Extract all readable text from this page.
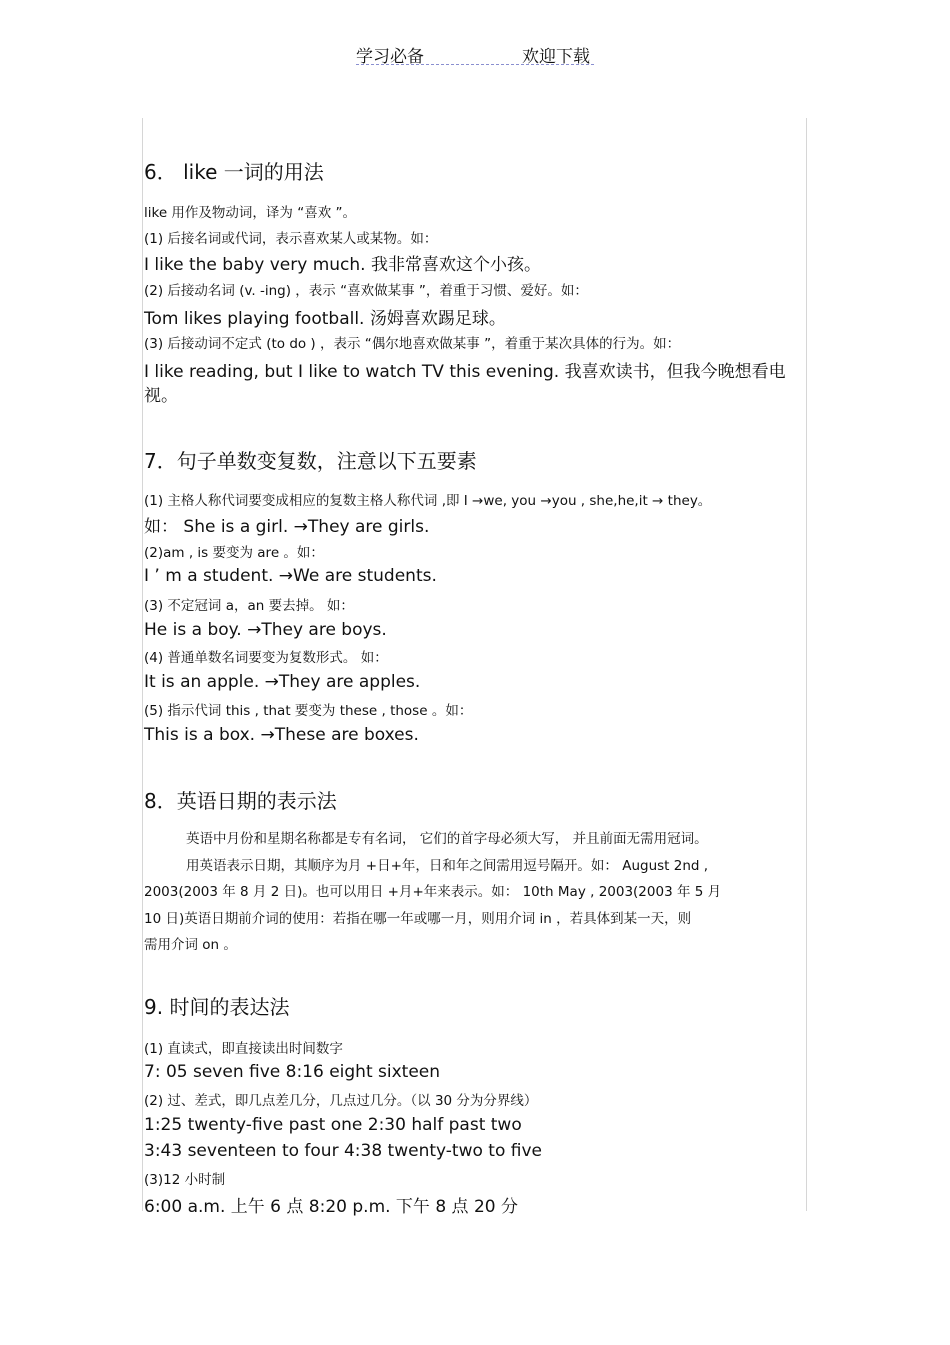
学习必备	欢迎下载
6． like 一词的用法
like 用作及物动词，译为 “喜欢 ”。
(1) 后接名词或代词，表示喜欢某人或某物。如：
I like the baby very much. 我非常喜欢这个小孩。
(2) 后接动名词 (v. -ing) ，表示 “喜欢做某事 ”，着重于习惯、爱好。如：
Tom likes playing football. 汤姆喜欢踢足球。
(3) 后接动词不定式 (to do ) ，表示 “偶尔地喜欢做某事 ”，着重于某次具体的行为。如：
I like reading, but I like to watch TV this evening. 我喜欢读书，但我今晚想看电
视。
7．句子单数变复数，注意以下五要素
(1) 主格人称代词要变成相应的复数主格人称代词 ,即 I →we, you →you , she,he,it → they。
如： She is a girl. →They are girls.
(2)am , is 要变为 are 。如：
I ’ m a student. →We are students.
(3) 不定冠词 a，an 要去掉。 如：
He is a boy. →They are boys.
(4) 普通单数名词要变为复数形式。 如：
It is an apple. →They are apples.
(5) 指示代词 this , that 要变为 these , those 。如：
This is a box. →These are boxes.
8．英语日期的表示法
英语中月份和星期名称都是专有名词， 它们的首字母必须大写， 并且前面无需用冠词。
用英语表示日期，其顺序为月 +日+年，日和年之间需用逗号隔开。如： August 2nd ,
2003(2003 年 8 月 2 日)。也可以用日 +月+年来表示。如： 10th May , 2003(2003 年 5 月
10 日)英语日期前介词的使用：若指在哪一年或哪一月，则用介词 in ，若具体到某一天，则
需用介词 on 。
9. 时间的表达法
(1) 直读式，即直接读出时间数字
7: 05 seven five 8:16 eight sixteen
(2) 过、差式，即几点差几分，几点过几分。（以 30 分为分界线）
1:25 twenty-five past one 2:30 half past two
3:43 seventeen to four 4:38 twenty-two to five
(3)12 小时制
6:00 a.m. 上午 6 点 8:20 p.m. 下午 8 点 20 分
